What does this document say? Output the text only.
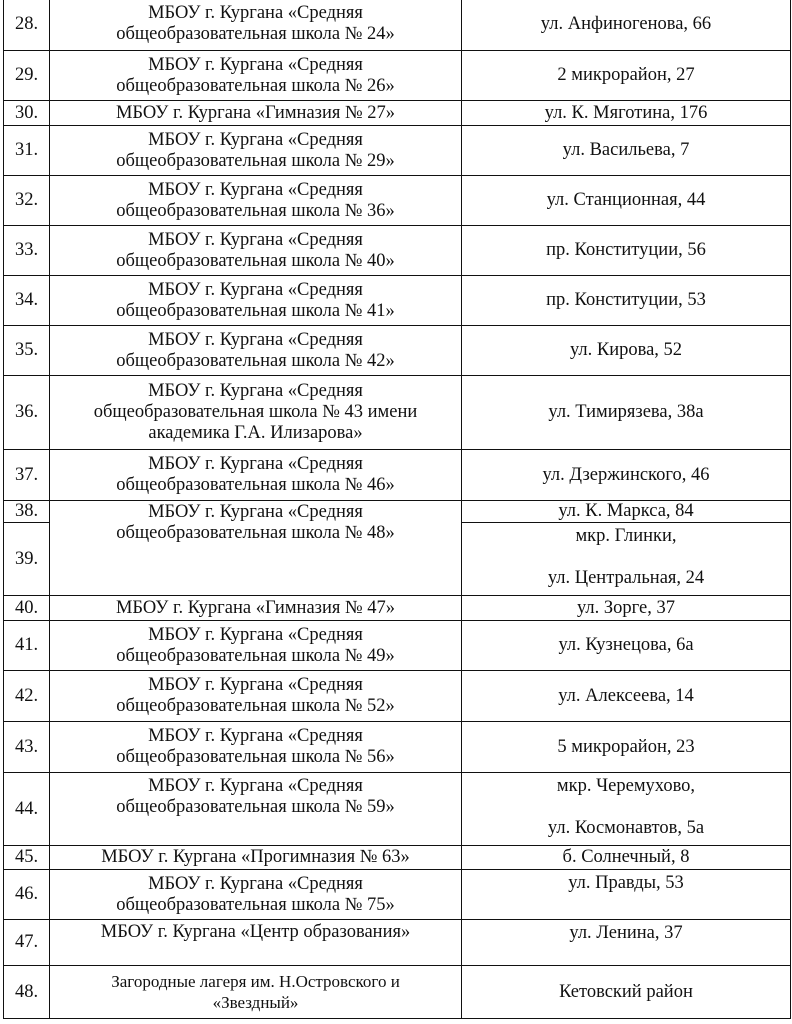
28.	МБОУ г. Кургана «Средняя
общеобразовательная школа № 24»	ул. Анфиногенова, 66
29.	МБОУ г. Кургана «Средняя
общеобразовательная школа № 26»	2 микрорайон, 27
30.	МБОУ г. Кургана «Гимназия № 27»	ул. К. Мяготина, 176
31.	МБОУ г. Кургана «Средняя
общеобразовательная школа № 29»	ул. Васильева, 7
32.	МБОУ г. Кургана «Средняя
общеобразовательная школа № 36»	ул. Станционная, 44
33.	МБОУ г. Кургана «Средняя
общеобразовательная школа № 40»	пр. Конституции, 56
34.	МБОУ г. Кургана «Средняя
общеобразовательная школа № 41»	пр. Конституции, 53
35.	МБОУ г. Кургана «Средняя
общеобразовательная школа № 42»	ул. Кирова, 52
36.	МБОУ г. Кургана «Средняя
общеобразовательная школа № 43 имени
академика Г.А. Илизарова»	ул. Тимирязева, 38а
37.	МБОУ г. Кургана «Средняя
общеобразовательная школа № 46»	ул. Дзержинского, 46
38.	МБОУ г. Кургана «Средняя
общеобразовательная школа № 48»	ул. К. Маркса, 84
39.		мкр. Глинки,
ул. Центральная, 24
40.	МБОУ г. Кургана «Гимназия № 47»	ул. Зорге, 37
41.	МБОУ г. Кургана «Средняя
общеобразовательная школа № 49»	ул. Кузнецова, 6а
42.	МБОУ г. Кургана «Средняя
общеобразовательная школа № 52»	ул. Алексеева, 14
43.	МБОУ г. Кургана «Средняя
общеобразовательная школа № 56»	5 микрорайон, 23
44.	МБОУ г. Кургана «Средняя
общеобразовательная школа № 59»	мкр. Черемухово,
ул. Космонавтов, 5а
45.	МБОУ г. Кургана «Прогимназия № 63»	б. Солнечный, 8
46.	МБОУ г. Кургана «Средняя
общеобразовательная школа № 75»	ул. Правды, 53
47.	МБОУ г. Кургана «Центр образования»	ул. Ленина, 37
48.	Загородные лагеря им. Н.Островского и
«Звездный»	Кетовский район
